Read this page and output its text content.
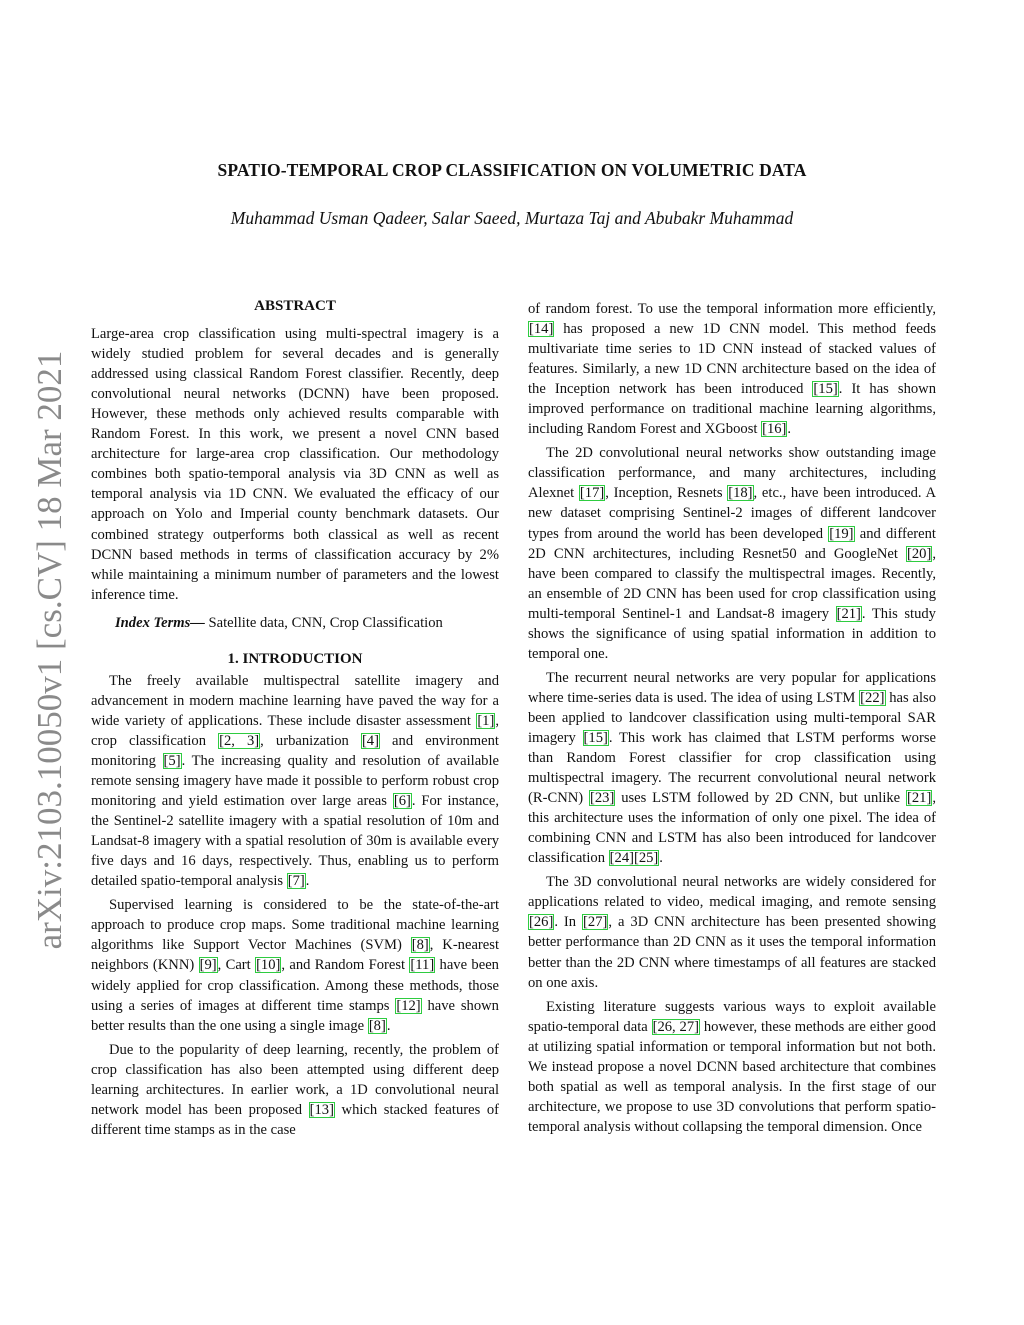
arXiv:2103.10050v1 [cs.CV] 18 Mar 2021
SPATIO-TEMPORAL CROP CLASSIFICATION ON VOLUMETRIC DATA
Muhammad Usman Qadeer, Salar Saeed, Murtaza Taj and Abubakr Muhammad
ABSTRACT

Large-area crop classification using multi-spectral imagery is a widely studied problem for several decades and is generally addressed using classical Random Forest classifier. Recently, deep convolutional neural networks (DCNN) have been proposed. However, these methods only achieved results comparable with Random Forest. In this work, we present a novel CNN based architecture for large-area crop classification. Our methodology combines both spatio-temporal analysis via 3D CNN as well as temporal analysis via 1D CNN. We evaluated the efficacy of our approach on Yolo and Imperial county benchmark datasets. Our combined strategy outperforms both classical as well as recent DCNN based methods in terms of classification accuracy by 2% while maintaining a minimum number of parameters and the lowest inference time.

Index Terms— Satellite data, CNN, Crop Classification

1. INTRODUCTION

The freely available multispectral satellite imagery and advancement in modern machine learning have paved the way for a wide variety of applications. These include disaster assessment [1], crop classification [2, 3], urbanization [4] and environment monitoring [5]. The increasing quality and resolution of available remote sensing imagery have made it possible to perform robust crop monitoring and yield estimation over large areas [6]. For instance, the Sentinel-2 satellite imagery with a spatial resolution of 10m and Landsat-8 imagery with a spatial resolution of 30m is available every five days and 16 days, respectively. Thus, enabling us to perform detailed spatio-temporal analysis [7].

Supervised learning is considered to be the state-of-the-art approach to produce crop maps. Some traditional machine learning algorithms like Support Vector Machines (SVM) [8], K-nearest neighbors (KNN) [9], Cart [10], and Random Forest [11] have been widely applied for crop classification. Among these methods, those using a series of images at different time stamps [12] have shown better results than the one using a single image [8].

Due to the popularity of deep learning, recently, the problem of crop classification has also been attempted using different deep learning architectures. In earlier work, a 1D convolutional neural network model has been proposed [13] which stacked features of different time stamps as in the case

of random forest. To use the temporal information more efficiently, [14] has proposed a new 1D CNN model. This method feeds multivariate time series to 1D CNN instead of stacked values of features. Similarly, a new 1D CNN architecture based on the idea of the Inception network has been introduced [15]. It has shown improved performance on traditional machine learning algorithms, including Random Forest and XGboost [16].

The 2D convolutional neural networks show outstanding image classification performance, and many architectures, including Alexnet [17], Inception, Resnets [18], etc., have been introduced. A new dataset comprising Sentinel-2 images of different landcover types from around the world has been developed [19] and different 2D CNN architectures, including Resnet50 and GoogleNet [20], have been compared to classify the multispectral images. Recently, an ensemble of 2D CNN has been used for crop classification using multi-temporal Sentinel-1 and Landsat-8 imagery [21]. This study shows the significance of using spatial information in addition to temporal one.

The recurrent neural networks are very popular for applications where time-series data is used. The idea of using LSTM [22] has also been applied to landcover classification using multi-temporal SAR imagery [15]. This work has claimed that LSTM performs worse than Random Forest classifier for crop classification using multispectral imagery. The recurrent convolutional neural network (R-CNN) [23] uses LSTM followed by 2D CNN, but unlike [21], this architecture uses the information of only one pixel. The idea of combining CNN and LSTM has also been introduced for landcover classification [24][25].

The 3D convolutional neural networks are widely considered for applications related to video, medical imaging, and remote sensing [26]. In [27], a 3D CNN architecture has been presented showing better performance than 2D CNN as it uses the temporal information better than the 2D CNN where timestamps of all features are stacked on one axis.

Existing literature suggests various ways to exploit available spatio-temporal data [26, 27] however, these methods are either good at utilizing spatial information or temporal information but not both. We instead propose a novel DCNN based architecture that combines both spatial as well as temporal analysis. In the first stage of our architecture, we propose to use 3D convolutions that perform spatio-temporal analysis without collapsing the temporal dimension. Once
